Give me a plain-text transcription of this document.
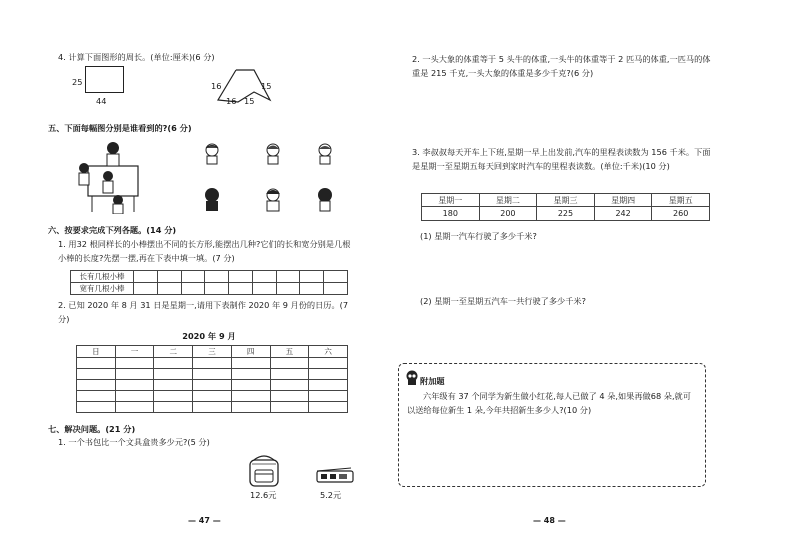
4. 计算下面图形的周长。(单位:厘米)(6 分)
25
44
16	15
16 15
五、下面每幅图分别是谁看到的?(6 分)
六、按要求完成下列各题。(14 分)
1. 用32 根同样长的小棒摆出不同的长方形,能摆出几种?它们的长和宽分别是几根小棒的长度?先摆一摆,再在下表中填一填。(7 分)
长有几根小棒									
宽有几根小棒									
2. 已知 2020 年 8 月 31 日是星期一,请用下表制作 2020 年 9 月份的日历。(7 分)
2020 年 9 月
日	一	二	三	四	五	六

七、解决问题。(21 分)
1. 一个书包比一个文具盒贵多少元?(5 分)
12.6元	5.2元
— 47 —
2. 一头大象的体重等于 5 头牛的体重,一头牛的体重等于 2 匹马的体重,一匹马的体重是 215 千克,一头大象的体重是多少千克?(6 分)
3. 李叔叔每天开车上下班,星期一早上出发前,汽车的里程表读数为 156 千米。下面是星期一至星期五每天回到家时汽车的里程表读数。(单位:千米)(10 分)
星期一	星期二	星期三	星期四	星期五
180	200	225	242	260
(1) 星期一汽车行驶了多少千米?
(2) 星期一至星期五汽车一共行驶了多少千米?
附加题
六年级有 37 个同学为新生做小红花,每人已做了 4 朵,如果再做68 朵,就可以送给每位新生 1 朵,今年共招新生多少人?(10 分)
— 48 —
